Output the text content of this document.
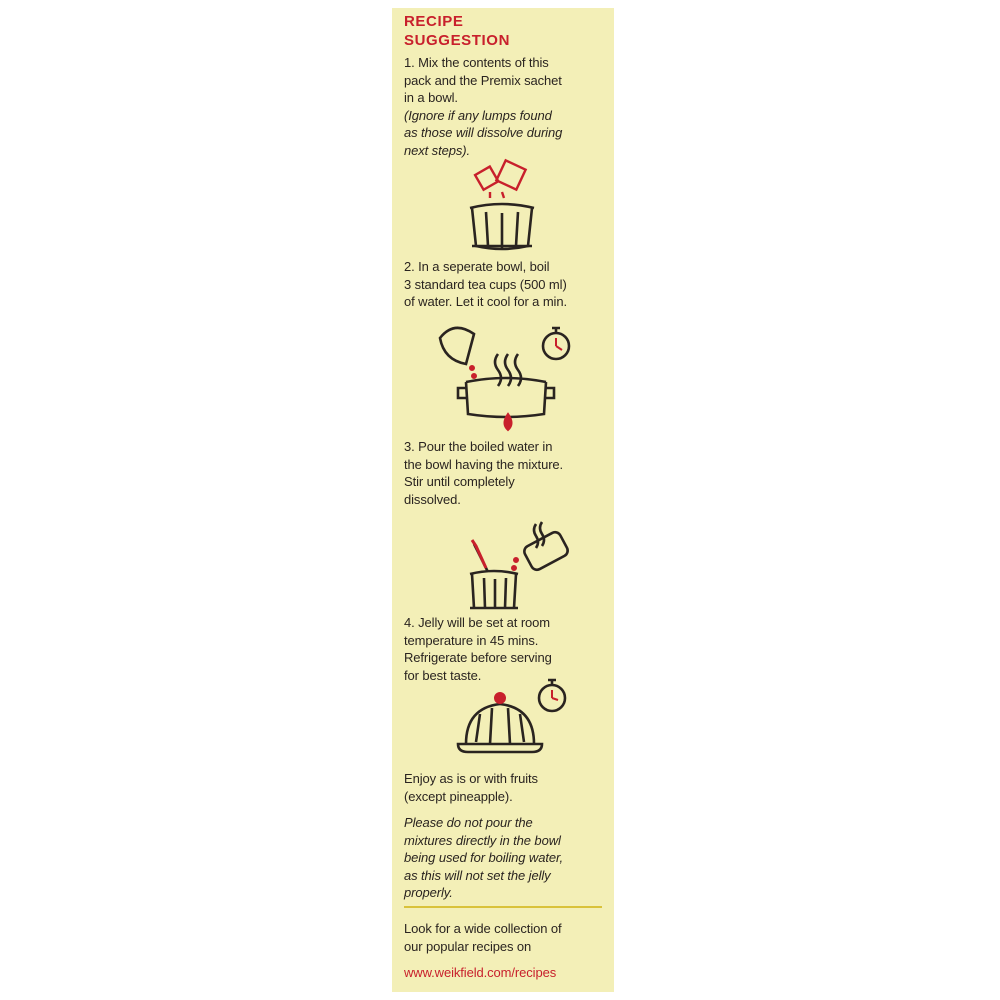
RECIPE
SUGGESTION
1. Mix the contents of this
pack and the Premix sachet
in a bowl.
(Ignore if any lumps found
as those will dissolve during
next steps).
2. In a seperate bowl, boil
3 standard tea cups (500 ml)
of water. Let it cool for a min.
3. Pour the boiled water in
the bowl having the mixture.
Stir until completely
dissolved.
4. Jelly will be set at room
temperature in 45 mins.
Refrigerate before serving
for best taste.
Enjoy as is or with fruits
(except pineapple).
Please do not pour the
mixtures directly in the bowl
being used for boiling water,
as this will not set the jelly
properly.
Look for a wide collection of
our popular recipes on
www.weikfield.com/recipes
